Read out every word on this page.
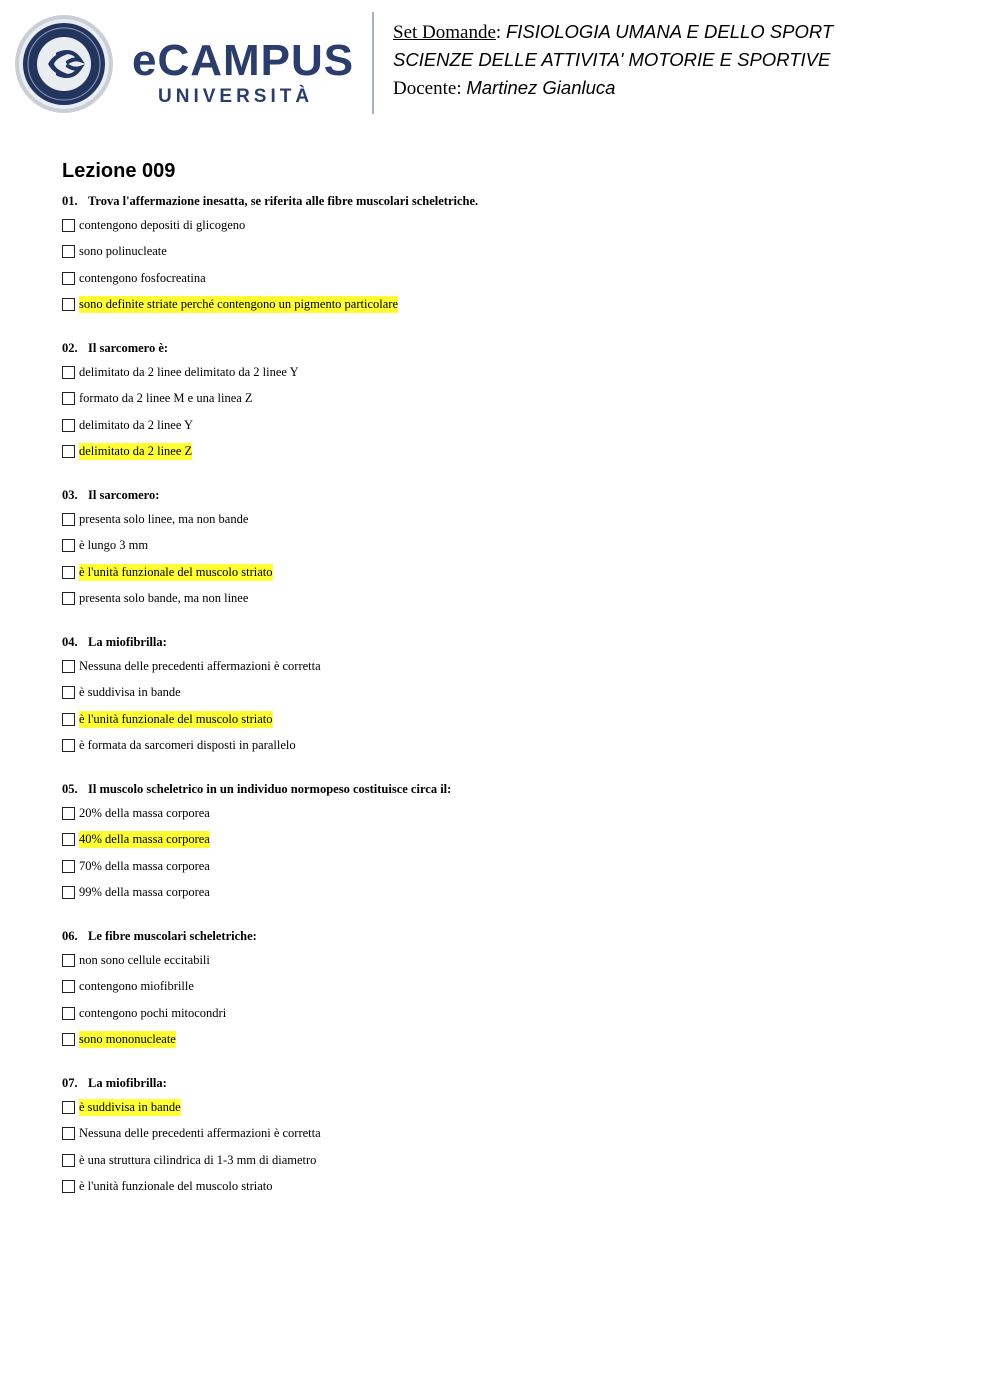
eCAMPUS
UNIVERSITÀ
Set Domande: FISIOLOGIA UMANA E DELLO SPORT
SCIENZE DELLE ATTIVITA' MOTORIE E SPORTIVE
Docente: Martinez Gianluca
Lezione 009
01. Trova l'affermazione inesatta, se riferita alle fibre muscolari scheletriche.
contengono depositi di glicogeno
sono polinucleate
contengono fosfocreatina
sono definite striate perché contengono un pigmento particolare
02. Il sarcomero è:
delimitato da 2 linee delimitato da 2 linee Y
formato da 2 linee M e una linea Z
delimitato da 2 linee Y
delimitato da 2 linee Z
03. Il sarcomero:
presenta solo linee, ma non bande
è lungo 3 mm
è l'unità funzionale del muscolo striato
presenta solo bande, ma non linee
04. La miofibrilla:
Nessuna delle precedenti affermazioni è corretta
è suddivisa in bande
è l'unità funzionale del muscolo striato
è formata da sarcomeri disposti in parallelo
05. Il muscolo scheletrico in un individuo normopeso costituisce circa il:
20% della massa corporea
40% della massa corporea
70% della massa corporea
99% della massa corporea
06. Le fibre muscolari scheletriche:
non sono cellule eccitabili
contengono miofibrille
contengono pochi mitocondri
sono mononucleate
07. La miofibrilla:
è suddivisa in bande
Nessuna delle precedenti affermazioni è corretta
è una struttura cilindrica di 1-3 mm di diametro
è l'unità funzionale del muscolo striato
